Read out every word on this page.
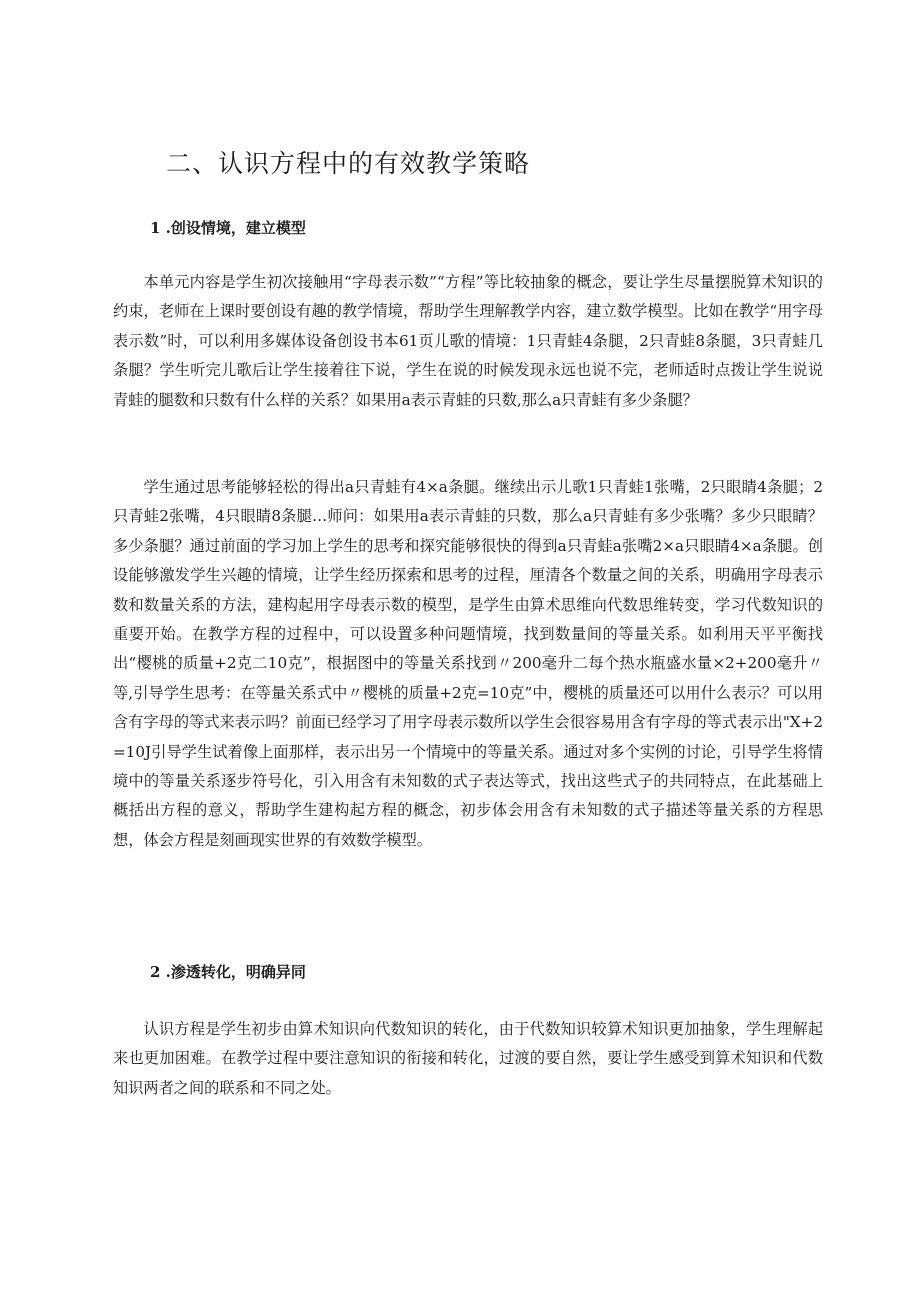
二、认识方程中的有效教学策略
1 .创设情境，建立模型

本单元内容是学生初次接触用“字母表示数”“方程”等比较抽象的概念，要让学生尽量摆脱算术知识的约束，老师在上课时要创设有趣的教学情境，帮助学生理解教学内容，建立数学模型。比如在教学“用字母表示数”时，可以利用多媒体设备创设书本61页儿歌的情境：1只青蛙4条腿，2只青蛙8条腿，3只青蛙几条腿？学生听完儿歌后让学生接着往下说，学生在说的时候发现永远也说不完，老师适时点拨让学生说说青蛙的腿数和只数有什么样的关系？如果用a表示青蛙的只数,那么a只青蛙有多少条腿？

学生通过思考能够轻松的得出a只青蛙有4×a条腿。继续出示儿歌1只青蛙1张嘴，2只眼睛4条腿；2只青蛙2张嘴，4只眼睛8条腿…师问：如果用a表示青蛙的只数，那么a只青蛙有多少张嘴？多少只眼睛？多少条腿？通过前面的学习加上学生的思考和探究能够很快的得到a只青蛙a张嘴2×a只眼睛4×a条腿。创设能够激发学生兴趣的情境，让学生经历探索和思考的过程，厘清各个数量之间的关系，明确用字母表示数和数量关系的方法，建构起用字母表示数的模型，是学生由算术思维向代数思维转变，学习代数知识的重要开始。在教学方程的过程中，可以设置多种问题情境，找到数量间的等量关系。如利用天平平衡找出“樱桃的质量+2克二10克”，根据图中的等量关系找到〃200毫升二每个热水瓶盛水量×2+200毫升〃等,引导学生思考：在等量关系式中〃樱桃的质量+2克=10克”中，樱桃的质量还可以用什么表示？可以用含有字母的等式来表示吗？前面已经学习了用字母表示数所以学生会很容易用含有字母的等式表示出"X+2=10J引导学生试着像上面那样，表示出另一个情境中的等量关系。通过对多个实例的讨论，引导学生将情境中的等量关系逐步符号化，引入用含有未知数的式子表达等式，找出这些式子的共同特点，在此基础上概括出方程的意义，帮助学生建构起方程的概念，初步体会用含有未知数的式子描述等量关系的方程思想，体会方程是刻画现实世界的有效数学模型。

2 .渗透转化，明确异同

认识方程是学生初步由算术知识向代数知识的转化，由于代数知识较算术知识更加抽象，学生理解起来也更加困难。在教学过程中要注意知识的衔接和转化，过渡的要自然，要让学生感受到算术知识和代数知识两者之间的联系和不同之处。
